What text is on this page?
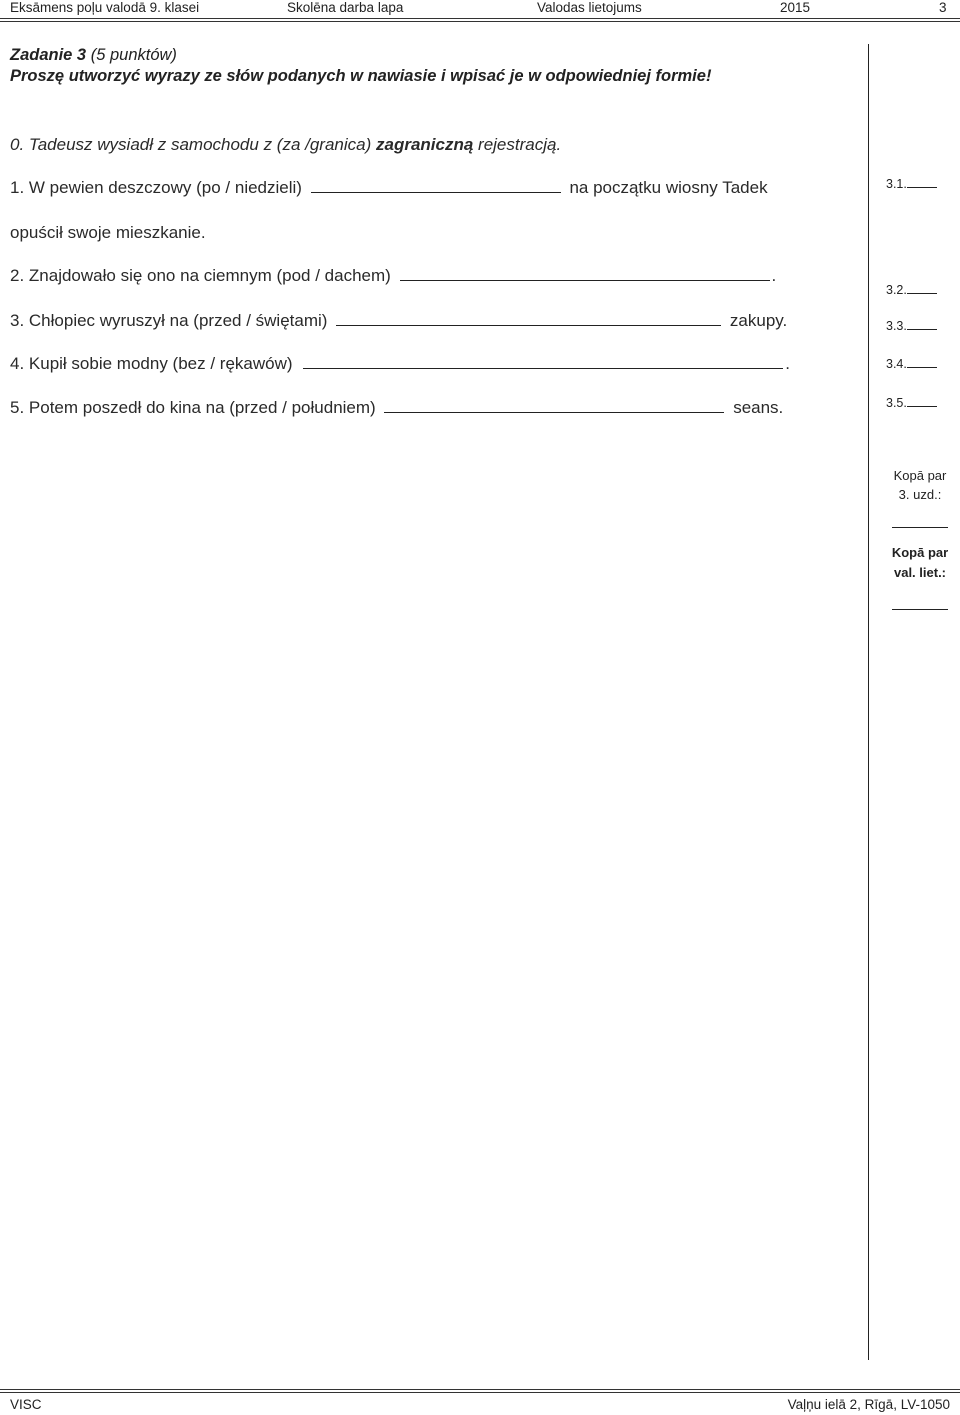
Eksāmens poļu valodā 9. klasei	Skolēna darba lapa	Valodas lietojums	2015	3
Zadanie 3 (5 punktów)
Proszę utworzyć wyrazy ze słów podanych w nawiasie i wpisać je w odpowiedniej formie!
0. Tadeusz wysiadł z samochodu z (za /granica) zagraniczną rejestracją.
1. W pewien deszczowy (po / niedzieli)	na początku wiosny Tadek
opuścił swoje mieszkanie.
2. Znajdowało się ono na ciemnym (pod / dachem)	.
3. Chłopiec wyruszył na (przed / świętami)	zakupy.
4. Kupił sobie modny (bez / rękawów)	.
5. Potem poszedł do kina na (przed / południem)	seans.
3.1.
3.2.
3.3.
3.4.
3.5.
Kopā par
3. uzd.:
Kopā par
val. liet.:
VISC	Vaļņu ielā 2, Rīgā, LV-1050
